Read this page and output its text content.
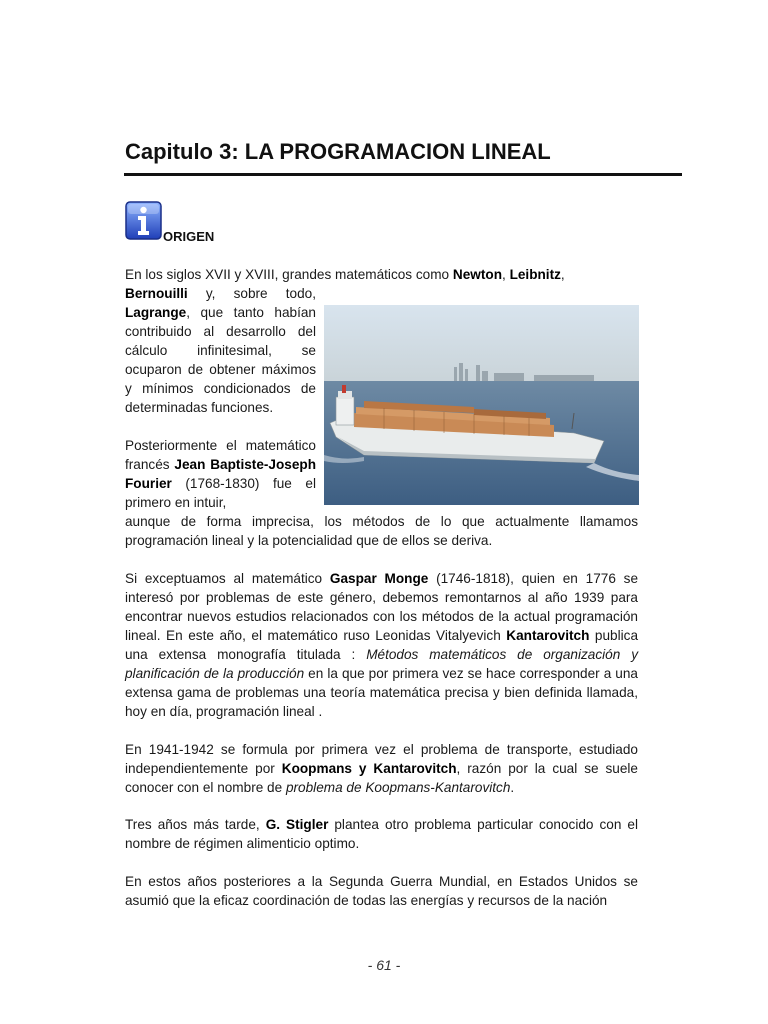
Capitulo 3: LA PROGRAMACION LINEAL
ORIGEN
En los siglos XVII y XVIII, grandes matemáticos como Newton, Leibnitz,
Bernouilli y, sobre todo, Lagrange, que tanto habían contribuido al desarrollo del cálculo infinitesimal, se ocuparon de obtener máximos y mínimos condicionados de determinadas funciones.
Posteriormente el matemático francés Jean Baptiste-Joseph Fourier (1768-1830) fue el primero en intuir,
aunque de forma imprecisa, los métodos de lo que actualmente llamamos programación lineal y la potencialidad que de ellos se deriva.
Si exceptuamos al matemático Gaspar Monge (1746-1818), quien en 1776 se interesó por problemas de este género, debemos remontarnos al año 1939 para encontrar nuevos estudios relacionados con los métodos de la actual programación lineal. En este año, el matemático ruso Leonidas Vitalyevich Kantarovitch publica una extensa monografía titulada : Métodos matemáticos de organización y planificación de la producción en la que por primera vez se hace corresponder a una extensa gama de problemas una teoría matemática precisa y bien definida llamada, hoy en día, programación lineal .
En 1941-1942 se formula por primera vez el problema de transporte, estudiado independientemente por Koopmans y Kantarovitch, razón por la cual se suele conocer con el nombre de problema de Koopmans-Kantarovitch.
Tres años más tarde, G. Stigler plantea otro problema particular conocido con el nombre de régimen alimenticio optimo.
En estos años posteriores a la Segunda Guerra Mundial, en Estados Unidos se asumió que la eficaz coordinación de todas las energías y recursos de la nación
- 61 -
